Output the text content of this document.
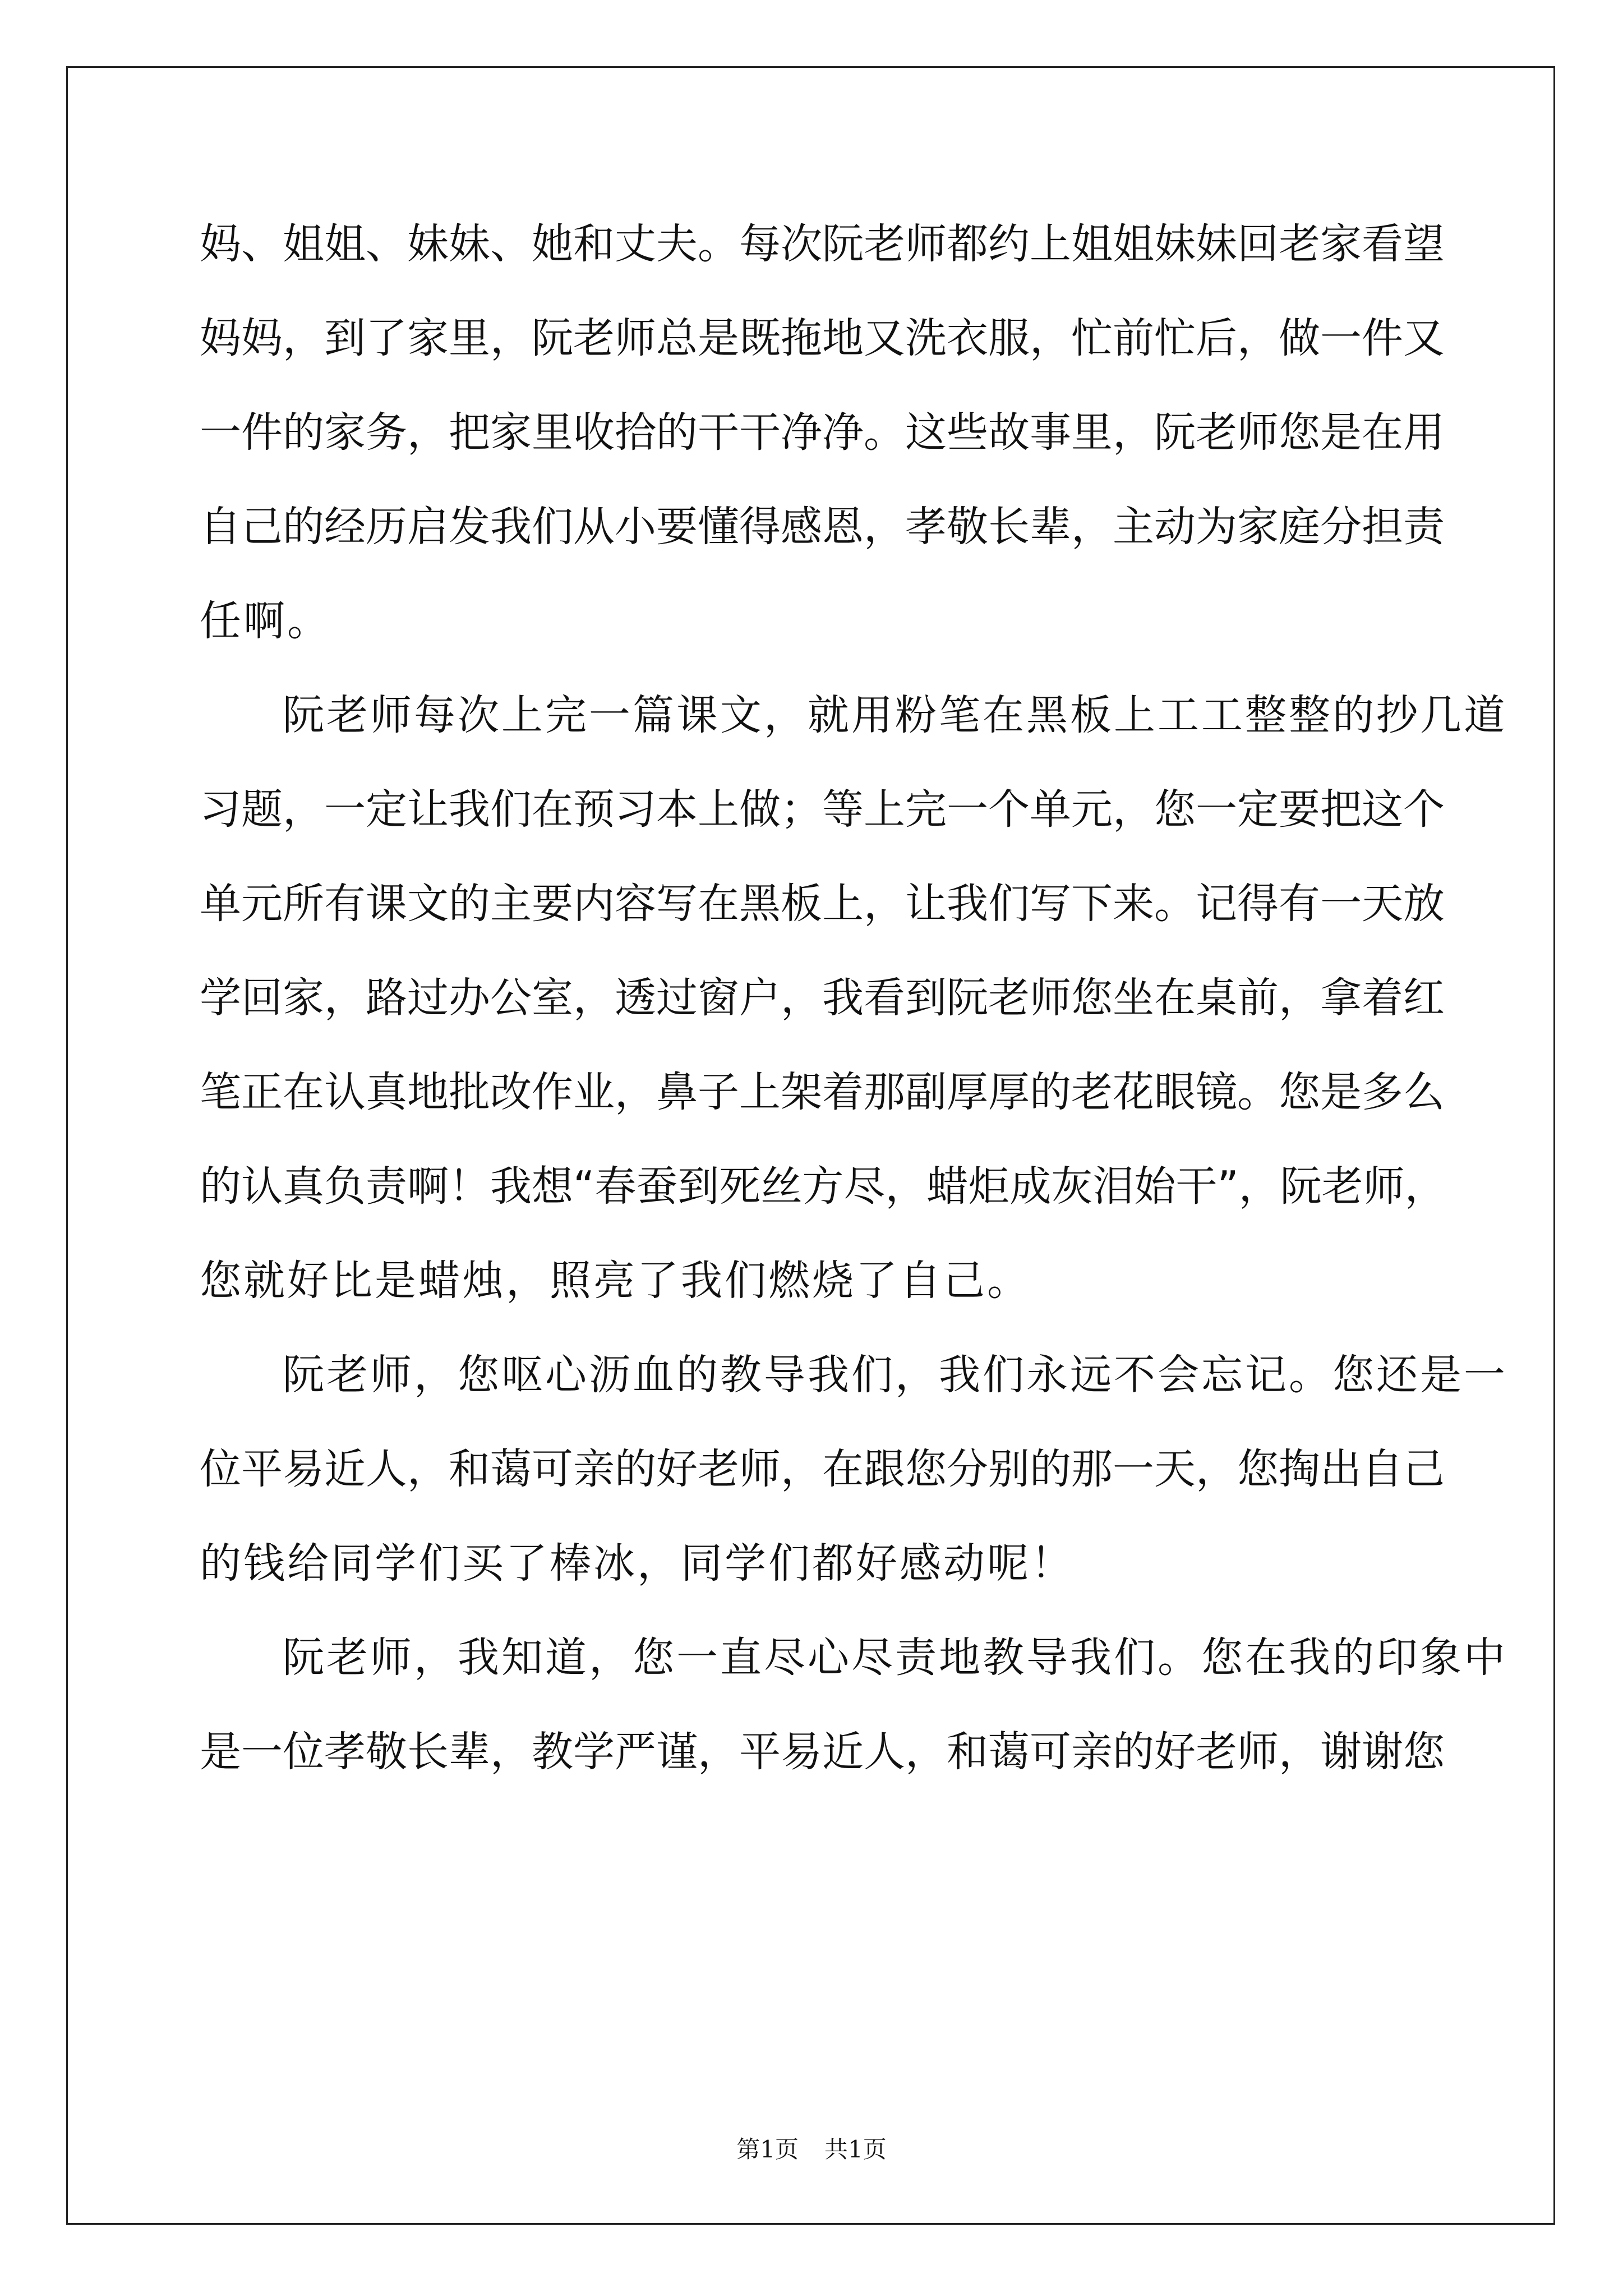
妈、姐姐、妹妹、她和丈夫。每次阮老师都约上姐姐妹妹回老家看望
妈妈，到了家里，阮老师总是既拖地又洗衣服，忙前忙后，做一件又
一件的家务，把家里收拾的干干净净。这些故事里，阮老师您是在用
自己的经历启发我们从小要懂得感恩，孝敬长辈，主动为家庭分担责
任啊。
阮老师每次上完一篇课文，就用粉笔在黑板上工工整整的抄几道
习题，一定让我们在预习本上做；等上完一个单元，您一定要把这个
单元所有课文的主要内容写在黑板上，让我们写下来。记得有一天放
学回家，路过办公室，透过窗户，我看到阮老师您坐在桌前，拿着红
笔正在认真地批改作业，鼻子上架着那副厚厚的老花眼镜。您是多么
的认真负责啊！我想“春蚕到死丝方尽，蜡炬成灰泪始干”，阮老师，
您就好比是蜡烛，照亮了我们燃烧了自己。
阮老师，您呕心沥血的教导我们，我们永远不会忘记。您还是一
位平易近人，和蔼可亲的好老师，在跟您分别的那一天，您掏出自己
的钱给同学们买了棒冰，同学们都好感动呢！
阮老师，我知道，您一直尽心尽责地教导我们。您在我的印象中
是一位孝敬长辈，教学严谨，平易近人，和蔼可亲的好老师，谢谢您
第1页 共1页
